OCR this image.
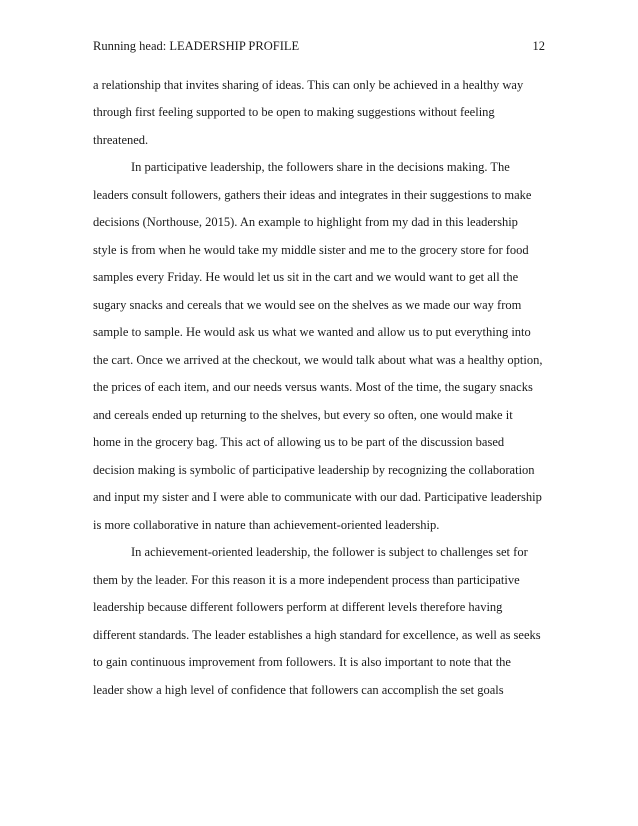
Running head: LEADERSHIP PROFILE	12
a relationship that invites sharing of ideas. This can only be achieved in a healthy way
through first feeling supported to be open to making suggestions without feeling
threatened.
In participative leadership, the followers share in the decisions making. The
leaders consult followers, gathers their ideas and integrates in their suggestions to make
decisions (Northouse, 2015). An example to highlight from my dad in this leadership
style is from when he would take my middle sister and me to the grocery store for food
samples every Friday. He would let us sit in the cart and we would want to get all the
sugary snacks and cereals that we would see on the shelves as we made our way from
sample to sample. He would ask us what we wanted and allow us to put everything into
the cart. Once we arrived at the checkout, we would talk about what was a healthy option,
the prices of each item, and our needs versus wants. Most of the time, the sugary snacks
and cereals ended up returning to the shelves, but every so often, one would make it
home in the grocery bag. This act of allowing us to be part of the discussion based
decision making is symbolic of participative leadership by recognizing the collaboration
and input my sister and I were able to communicate with our dad. Participative leadership
is more collaborative in nature than achievement-oriented leadership.
In achievement-oriented leadership, the follower is subject to challenges set for
them by the leader. For this reason it is a more independent process than participative
leadership because different followers perform at different levels therefore having
different standards. The leader establishes a high standard for excellence, as well as seeks
to gain continuous improvement from followers. It is also important to note that the
leader show a high level of confidence that followers can accomplish the set goals
